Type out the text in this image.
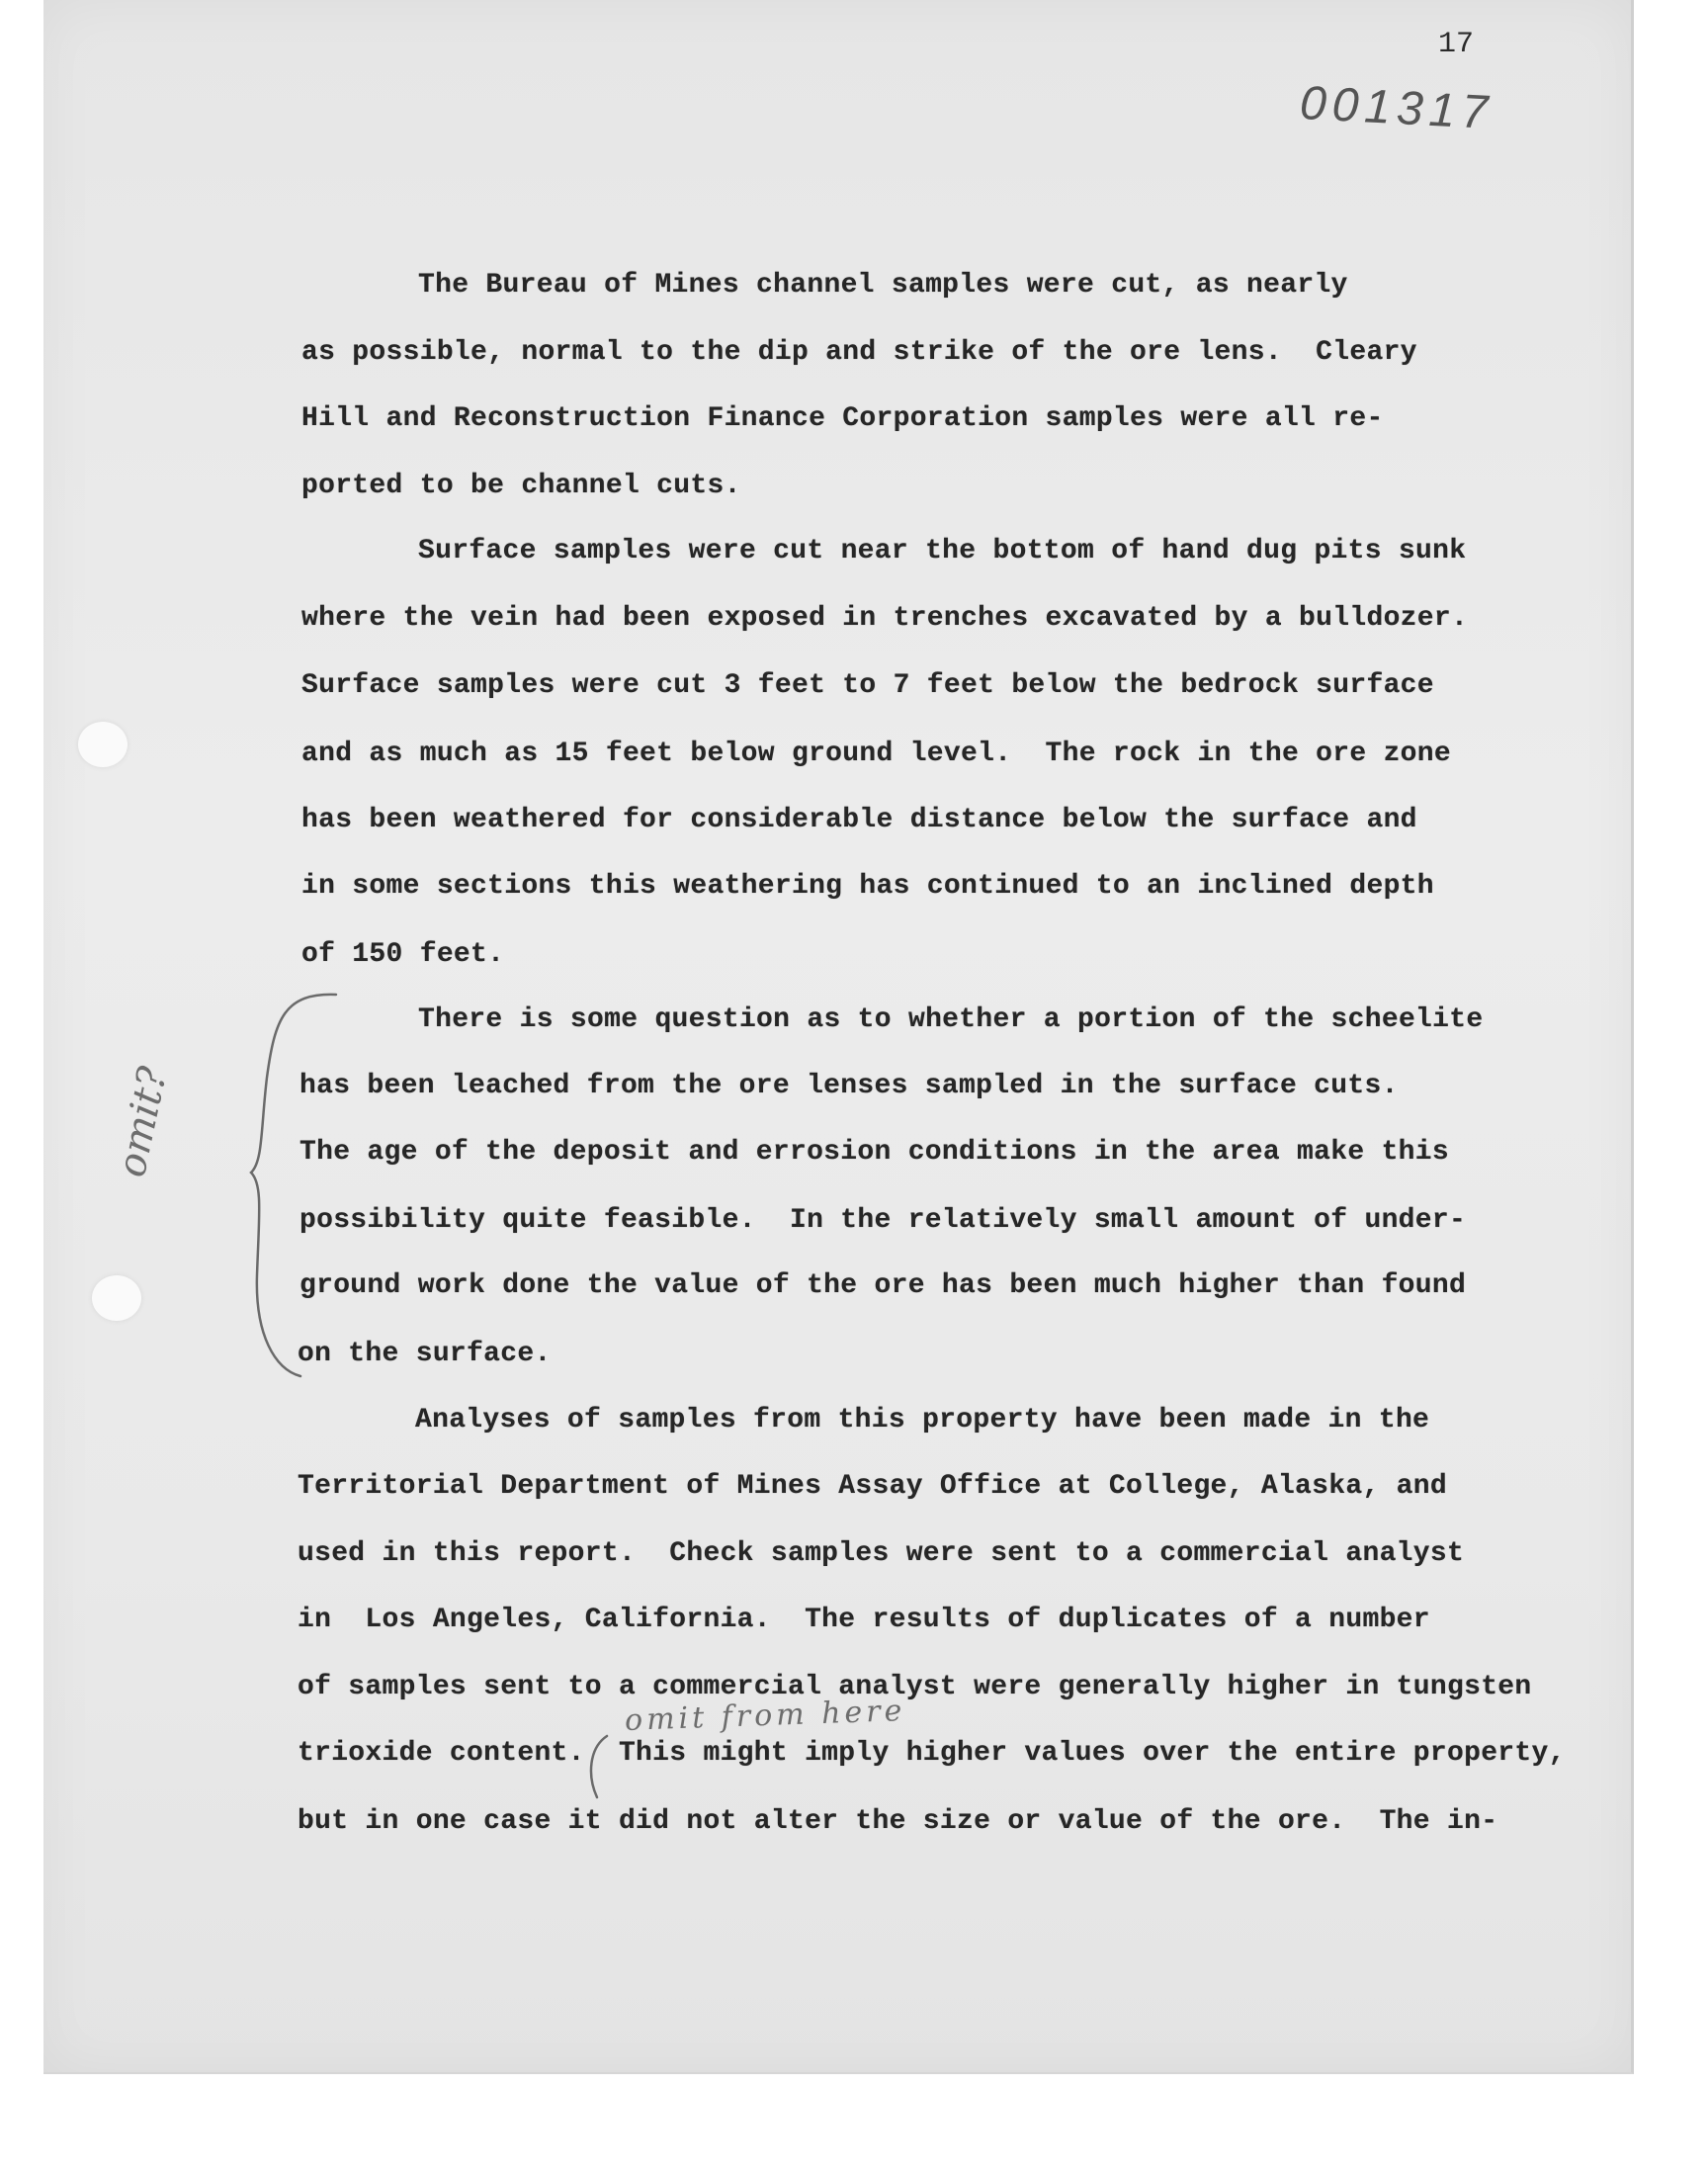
17
001317
The Bureau of Mines channel samples were cut, as nearly
as possible, normal to the dip and strike of the ore lens.  Cleary
Hill and Reconstruction Finance Corporation samples were all re-
ported to be channel cuts.
Surface samples were cut near the bottom of hand dug pits sunk
where the vein had been exposed in trenches excavated by a bulldozer.
Surface samples were cut 3 feet to 7 feet below the bedrock surface
and as much as 15 feet below ground level.  The rock in the ore zone
has been weathered for considerable distance below the surface and
in some sections this weathering has continued to an inclined depth
of 150 feet.
There is some question as to whether a portion of the scheelite
has been leached from the ore lenses sampled in the surface cuts.
The age of the deposit and errosion conditions in the area make this
possibility quite feasible.  In the relatively small amount of under-
ground work done the value of the ore has been much higher than found
on the surface.
Analyses of samples from this property have been made in the
Territorial Department of Mines Assay Office at College, Alaska, and
used in this report.  Check samples were sent to a commercial analyst
in  Los Angeles, California.  The results of duplicates of a number
of samples sent to a commercial analyst were generally higher in tungsten
trioxide content.  This might imply higher values over the entire property,
but in one case it did not alter the size or value of the ore.  The in-
omit?
omit from here
